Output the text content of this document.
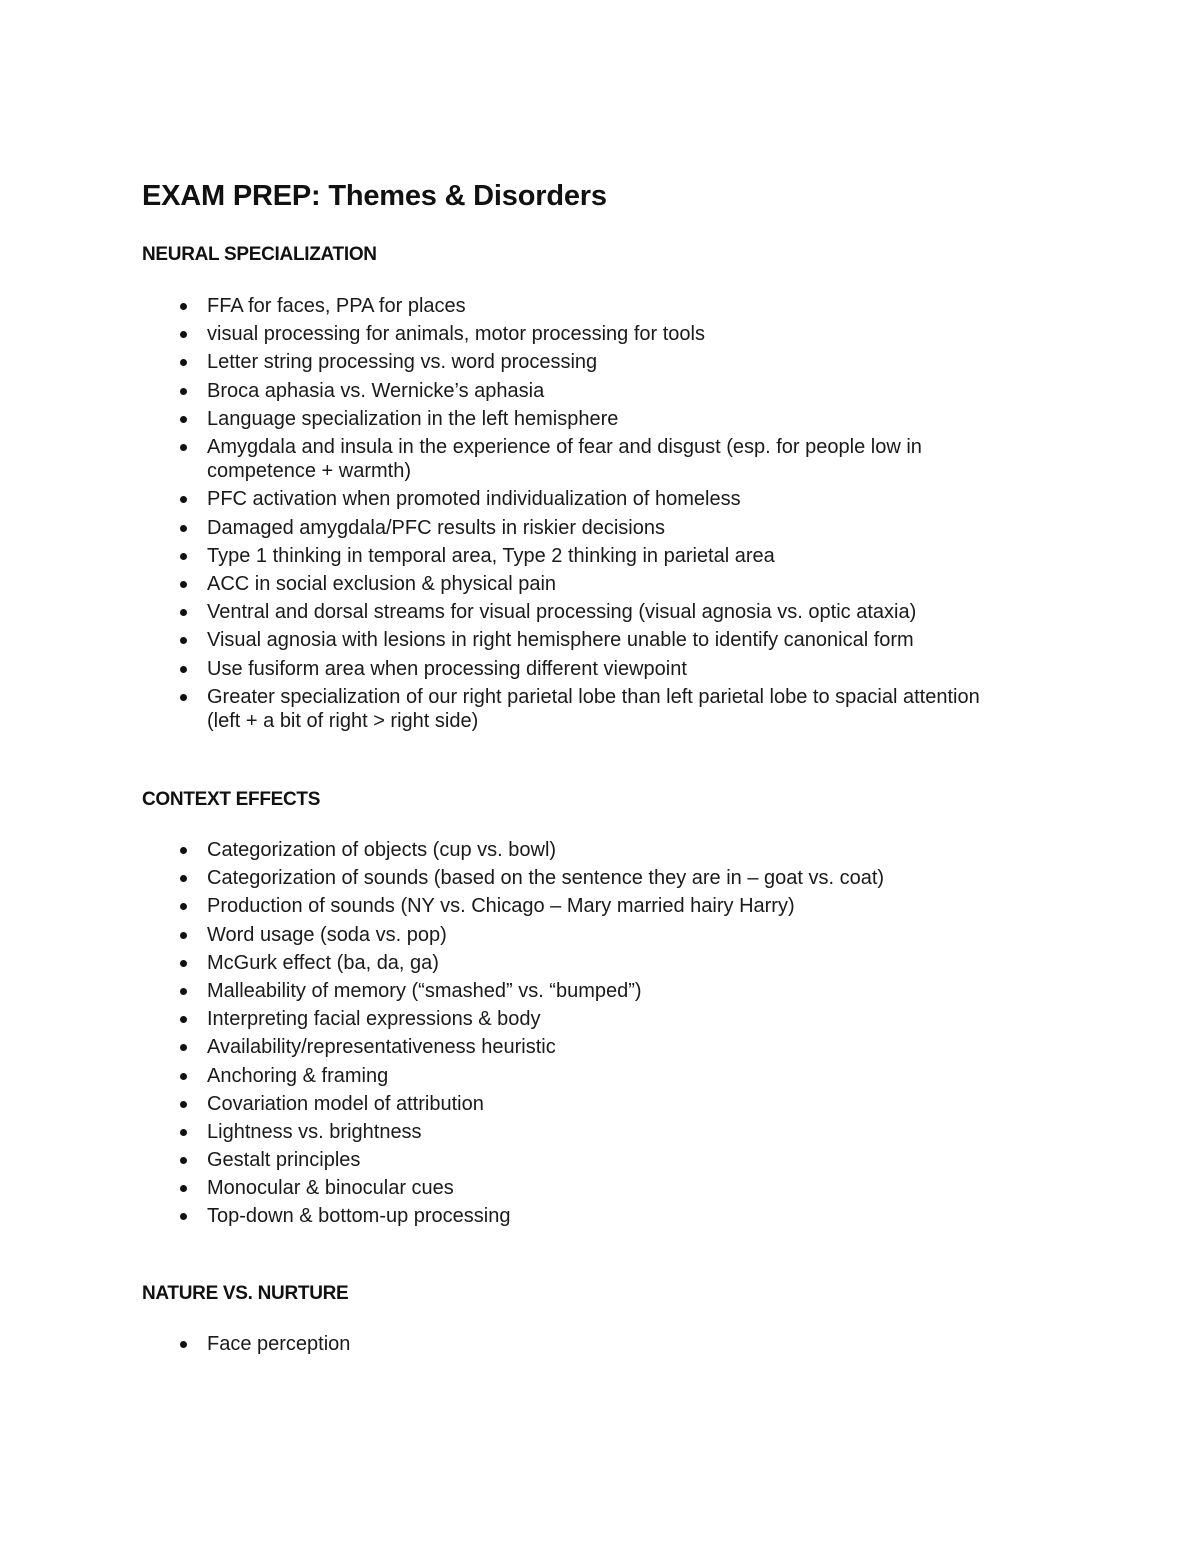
EXAM PREP: Themes & Disorders
NEURAL SPECIALIZATION
FFA for faces, PPA for places
visual processing for animals, motor processing for tools
Letter string processing vs. word processing
Broca aphasia vs. Wernicke’s aphasia
Language specialization in the left hemisphere
Amygdala and insula in the experience of fear and disgust (esp. for people low in competence + warmth)
PFC activation when promoted individualization of homeless
Damaged amygdala/PFC results in riskier decisions
Type 1 thinking in temporal area, Type 2 thinking in parietal area
ACC in social exclusion & physical pain
Ventral and dorsal streams for visual processing (visual agnosia vs. optic ataxia)
Visual agnosia with lesions in right hemisphere unable to identify canonical form
Use fusiform area when processing different viewpoint
Greater specialization of our right parietal lobe than left parietal lobe to spacial attention (left + a bit of right > right side)
CONTEXT EFFECTS
Categorization of objects (cup vs. bowl)
Categorization of sounds (based on the sentence they are in – goat vs. coat)
Production of sounds (NY vs. Chicago – Mary married hairy Harry)
Word usage (soda vs. pop)
McGurk effect (ba, da, ga)
Malleability of memory (“smashed” vs. “bumped”)
Interpreting facial expressions & body
Availability/representativeness heuristic
Anchoring & framing
Covariation model of attribution
Lightness vs. brightness
Gestalt principles
Monocular & binocular cues
Top-down & bottom-up processing
NATURE VS. NURTURE
Face perception
